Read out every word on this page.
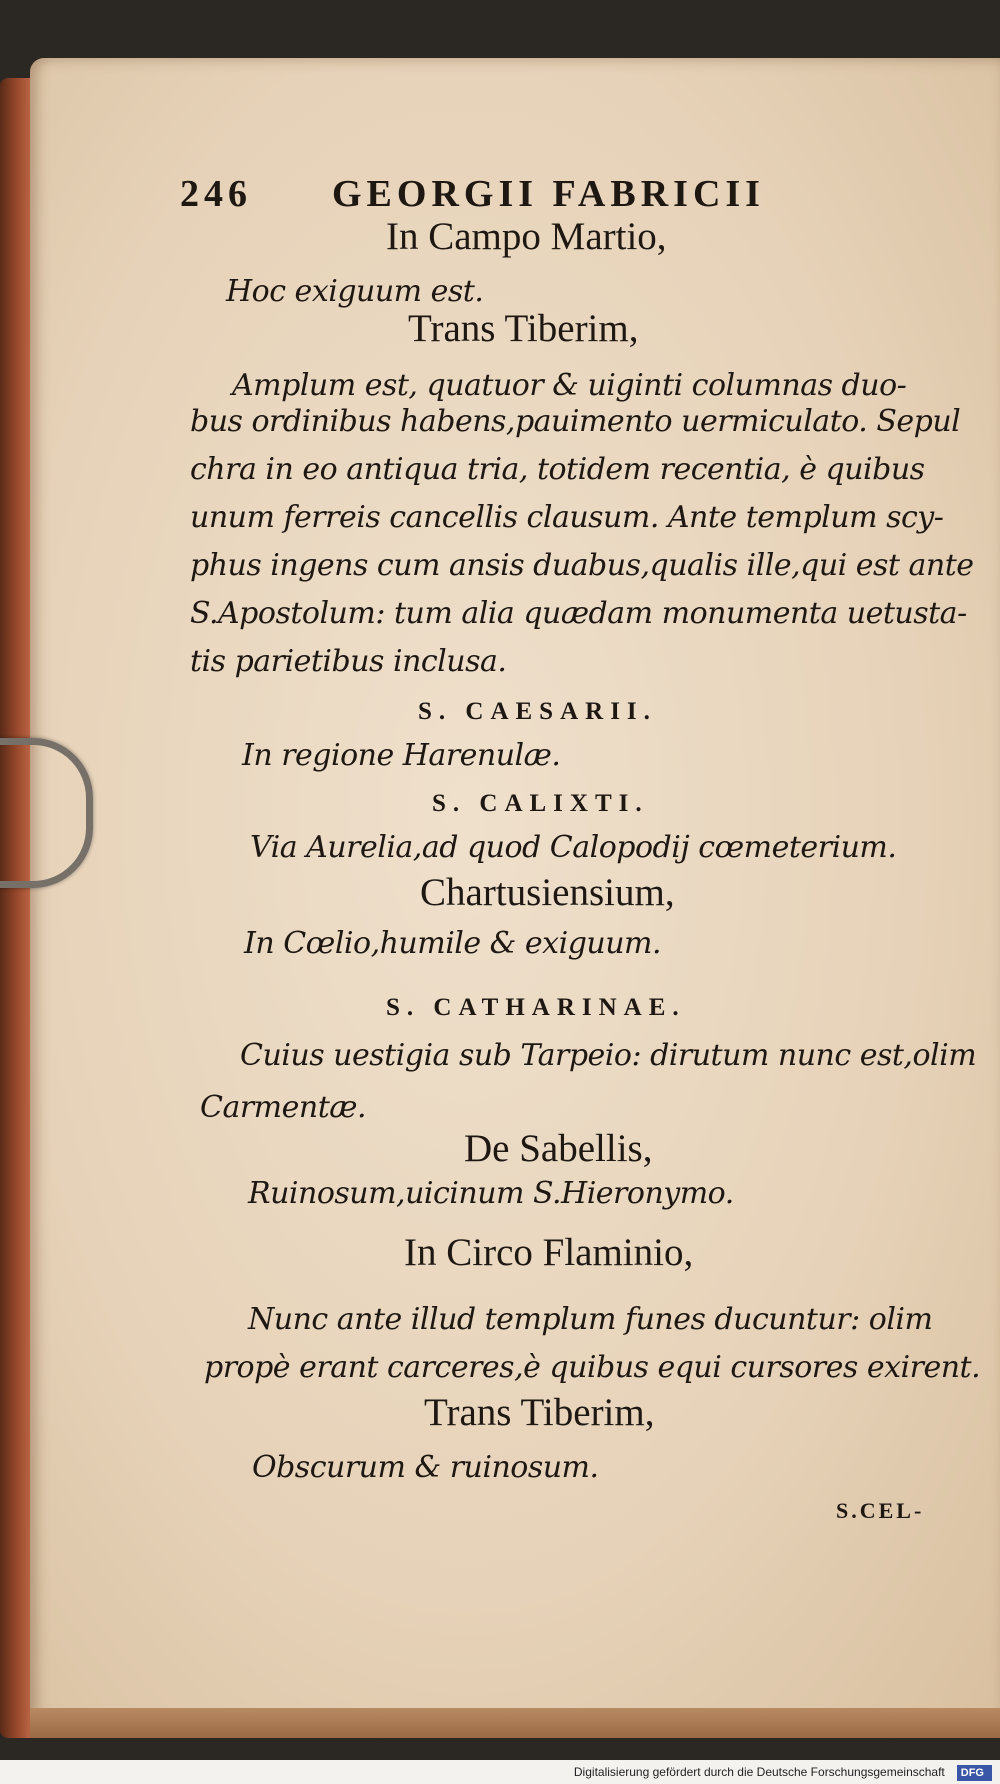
246 GEORGII FABRICII
In Campo Martio,
Hoc exiguum est.
Trans Tiberim,
Amplum est, quatuor & uiginti columnas duo-
bus ordinibus habens,pauimento uermiculato. Sepul
chra in eo antiqua tria, totidem recentia, è quibus
unum ferreis cancellis clausum. Ante templum scy-
phus ingens cum ansis duabus,qualis ille,qui est ante
S.Apostolum: tum alia quædam monumenta uetusta-
tis parietibus inclusa.
S. CAESARII.
In regione Harenulæ.
S. CALIXTI.
Via Aurelia,ad quod Calopodij cœmeterium.
Chartusiensium,
In Cœlio,humile & exiguum.
S. CATHARINAE.
Cuius uestigia sub Tarpeio: dirutum nunc est,olim
Carmentæ.
De Sabellis,
Ruinosum,uicinum S.Hieronymo.
In Circo Flaminio,
Nunc ante illud templum funes ducuntur: olim
propè erant carceres,è quibus equi cursores exirent.
Trans Tiberim,
Obscurum & ruinosum.
S.CEL-
Digitalisierung gefördert durch die Deutsche Forschungsgemeinschaft DFG
